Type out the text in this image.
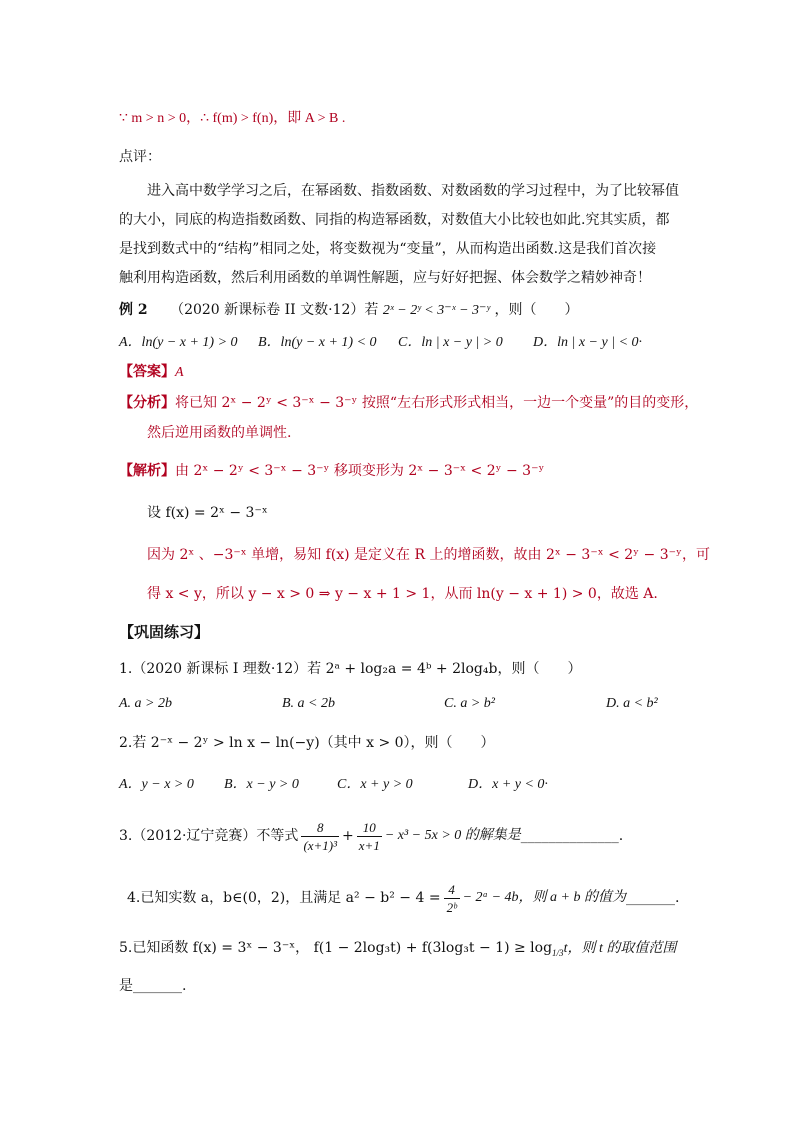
∵ m > n > 0，∴ f(m) > f(n)，即 A > B .
点评：
进入高中数学学习之后，在幂函数、指数函数、对数函数的学习过程中，为了比较幂值
的大小，同底的构造指数函数、同指的构造幂函数，对数值大小比较也如此.究其实质，都
是找到数式中的“结构”相同之处，将变数视为“变量”，从而构造出函数.这是我们首次接
触利用构造函数，然后利用函数的单调性解题，应与好好把握、体会数学之精妙神奇！
例 2 （2020 新课标卷 II 文数·12）若 2ˣ − 2ʸ < 3⁻ˣ − 3⁻ʸ ，则（　　）
A．ln(y − x + 1) > 0 B．ln(y − x + 1) < 0 C．ln | x − y | > 0 D．ln | x − y | < 0·
【答案】A
【分析】将已知 2ˣ − 2ʸ < 3⁻ˣ − 3⁻ʸ 按照“左右形式形式相当，一边一个变量”的目的变形，
然后逆用函数的单调性.
【解析】由 2ˣ − 2ʸ < 3⁻ˣ − 3⁻ʸ 移项变形为 2ˣ − 3⁻ˣ < 2ʸ − 3⁻ʸ
设 f(x) = 2ˣ − 3⁻ˣ
因为 2ˣ 、−3⁻ˣ 单增，易知 f(x) 是定义在 R 上的增函数，故由 2ˣ − 3⁻ˣ < 2ʸ − 3⁻ʸ，可
得 x < y，所以 y − x > 0 ⇒ y − x + 1 > 1，从而 ln(y − x + 1) > 0，故选 A.
【巩固练习】
1.（2020 新课标 I 理数·12）若 2ᵃ + log₂a = 4ᵇ + 2log₄b，则（　　）
A. a > 2b	B. a < 2b	C. a > b²	D. a < b²
2.若 2⁻ˣ − 2ʸ > ln x − ln(−y)（其中 x > 0），则（　　）
A．y − x > 0 B．x − y > 0	C．x + y > 0	D．x + y < 0·
3.（2012·辽宁竞赛）不等式 $\frac{8}{\text{(x+1)³}} + \frac{10}{x+1} - x^3 - 5x > 0$ 的解集是 ______________.
4.已知实数 a，b∈(0，2)，且满足 $a^2 - b^2 - 4 = \frac{4}{\text{2ᵇ}}$ − 2ᵃ − 4b，则 a + b 的值为 _______.
5.已知函数 f(x) = 3ˣ − 3⁻ˣ， $f(1 - 2\log_3t) + f(3\log_3t - 1) \ge \log_{1/3}t$，则 t 的取值范围
是_______.
